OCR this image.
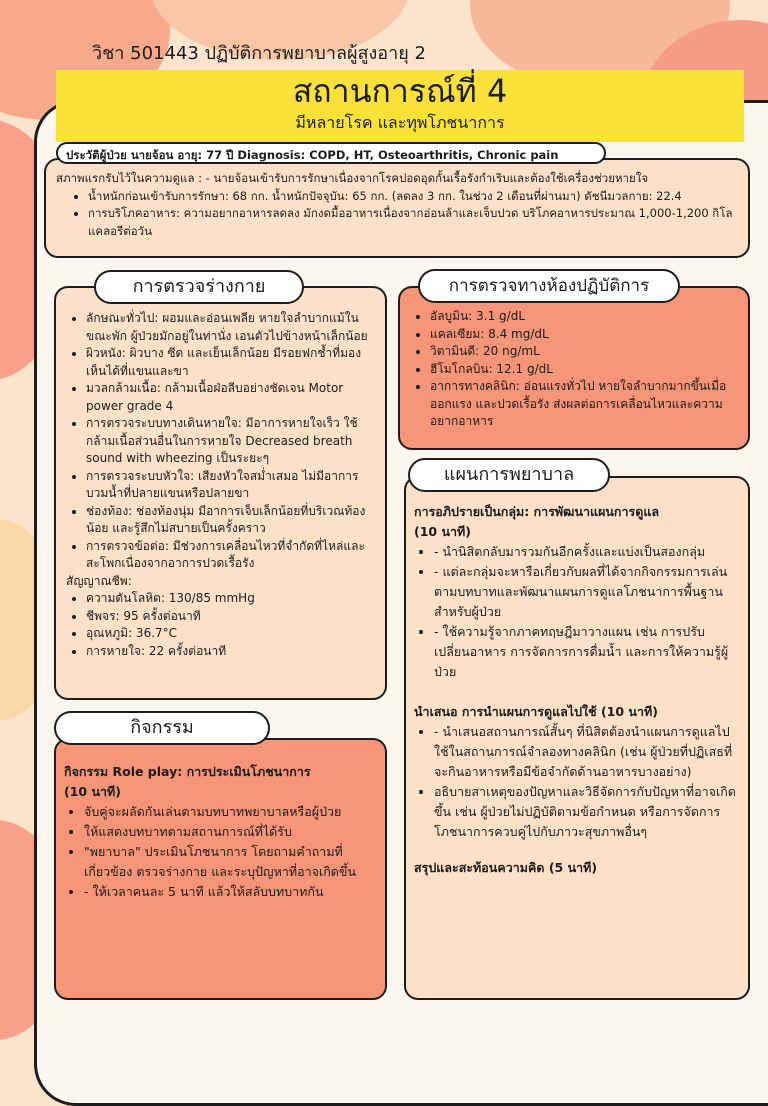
วิชา 501443 ปฏิบัติการพยาบาลผู้สูงอายุ 2
สถานการณ์ที่ 4
มีหลายโรค และทุพโภชนาการ
สภาพแรกรับไว้ในความดูแล : - นายจ้อนเข้ารับการรักษาเนื่องจากโรคปอดอุดกั้นเรื้อรังกำเริบและต้องใช้เครื่องช่วยหายใจ
• น้ำหนักก่อนเข้ารับการรักษา: 68 กก. น้ำหนักปัจจุบัน: 65 กก. (ลดลง 3 กก. ในช่วง 2 เดือนที่ผ่านมา) ดัชนีมวลกาย: 22.4
• การบริโภคอาหาร: ความอยากอาหารลดลง มักงดมื้ออาหารเนื่องจากอ่อนล้าและเจ็บปวด บริโภคอาหารประมาณ 1,000-1,200 กิโลแคลอรีต่อวัน
ประวัติผู้ป่วย นายจ้อน อายุ: 77 ปี Diagnosis: COPD, HT, Osteoarthritis, Chronic pain
• ลักษณะทั่วไป: ผอมและอ่อนเพลีย หายใจลำบากแม้ในขณะพัก ผู้ป่วยมักอยู่ในท่านั่ง เอนตัวไปข้างหน้าเล็กน้อย
• ผิวหนัง: ผิวบาง ซีด และเย็นเล็กน้อย มีรอยฟกช้ำที่มองเห็นได้ที่แขนและขา
• มวลกล้ามเนื้อ: กล้ามเนื้อฝ่อลีบอย่างชัดเจน Motor power grade 4
• การตรวจระบบทางเดินหายใจ: มีอาการหายใจเร็ว ใช้กล้ามเนื้อส่วนอื่นในการหายใจ Decreased breath sound with wheezing เป็นระยะๆ
• การตรวจระบบหัวใจ: เสียงหัวใจสม่ำเสมอ ไม่มีอาการบวมน้ำที่ปลายแขนหรือปลายขา
• ช่องท้อง: ช่องท้องนุ่ม มีอาการเจ็บเล็กน้อยที่บริเวณท้องน้อย และรู้สึกไม่สบายเป็นครั้งคราว
• การตรวจข้อต่อ: มีช่วงการเคลื่อนไหวที่จำกัดที่ไหล่และสะโพกเนื่องจากอาการปวดเรื้อรัง
สัญญาณชีพ:
• ความดันโลหิต: 130/85 mmHg
• ชีพจร: 95 ครั้งต่อนาที
• อุณหภูมิ: 36.7°C
• การหายใจ: 22 ครั้งต่อนาที
การตรวจร่างกาย
• อัลบูมิน: 3.1 g/dL
• แคลเซียม: 8.4 mg/dL
• วิตามินดี: 20 ng/mL
• ฮีโมโกลบิน: 12.1 g/dL
• อาการทางคลินิก: อ่อนแรงทั่วไป หายใจลำบากมากขึ้นเมื่อออกแรง และปวดเรื้อรัง ส่งผลต่อการเคลื่อนไหวและความอยากอาหาร
การตรวจทางห้องปฏิบัติการ
การอภิปรายเป็นกลุ่ม: การพัฒนาแผนการดูแล
(10 นาที)
• - นำนิสิตกลับมารวมกันอีกครั้งและแบ่งเป็นสองกลุ่ม
• - แต่ละกลุ่มจะหารือเกี่ยวกับผลที่ได้จากกิจกรรมการเล่นตามบทบาทและพัฒนาแผนการดูแลโภชนาการพื้นฐานสำหรับผู้ป่วย
• - ใช้ความรู้จากภาคทฤษฎีมาวางแผน เช่น การปรับเปลี่ยนอาหาร การจัดการการดื่มน้ำ และการให้ความรู้ผู้ป่วย
นำเสนอ การนำแผนการดูแลไปใช้ (10 นาที)
• - นำเสนอสถานการณ์สั้นๆ ที่นิสิตต้องนำแผนการดูแลไปใช้ในสถานการณ์จำลองทางคลินิก (เช่น ผู้ป่วยที่ปฏิเสธที่จะกินอาหารหรือมีข้อจำกัดด้านอาหารบางอย่าง)
• อธิบายสาเหตุของปัญหาและวิธีจัดการกับปัญหาที่อาจเกิดขึ้น เช่น ผู้ป่วยไม่ปฏิบัติตามข้อกำหนด หรือการจัดการโภชนาการควบคู่ไปกับภาวะสุขภาพอื่นๆ
สรุปและสะท้อนความคิด (5 นาที)
แผนการพยาบาล
กิจกรรม Role play: การประเมินโภชนาการ
(10 นาที)
• จับคู่จะผลัดกันเล่นตามบทบาทพยาบาลหรือผู้ป่วย
• ให้แสดงบทบาทตามสถานการณ์ที่ได้รับ
• "พยาบาล" ประเมินโภชนาการ โดยถามคำถามที่เกี่ยวข้อง ตรวจร่างกาย และระบุปัญหาที่อาจเกิดขึ้น
• - ให้เวลาคนละ 5 นาที แล้วให้สลับบทบาทกัน
กิจกรรม
